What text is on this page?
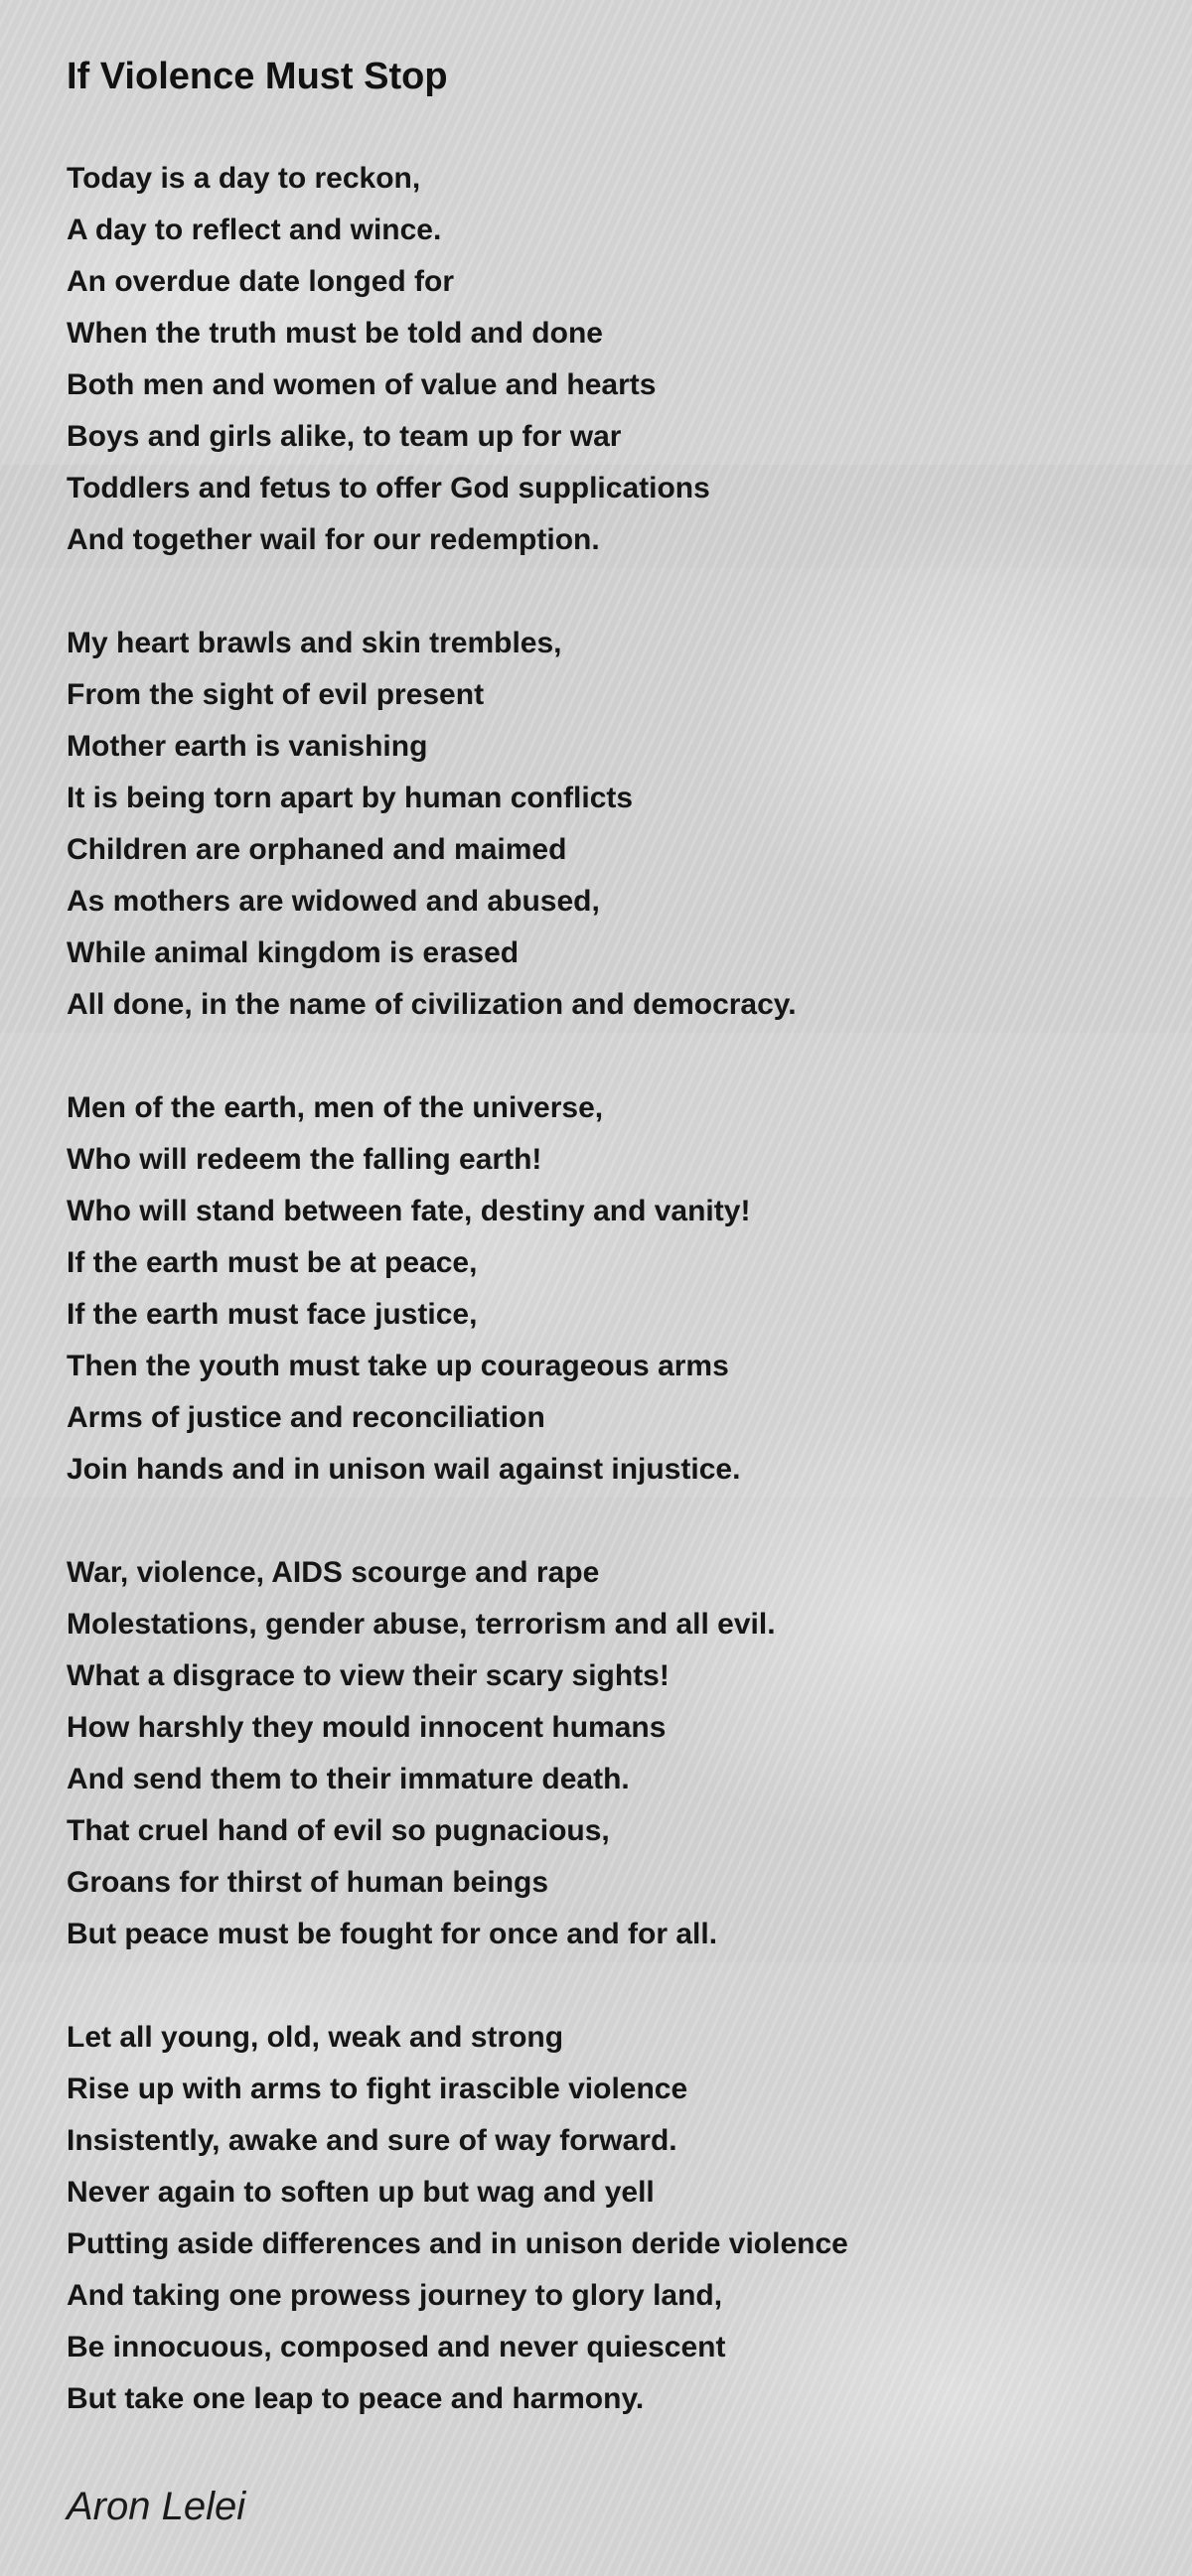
If Violence Must Stop
Today is a day to reckon,
A day to reflect and wince.
An overdue date longed for
When the truth must be told and done
Both men and women of value and hearts
Boys and girls alike, to team up for war
Toddlers and fetus to offer God supplications
And together wail for our redemption.
My heart brawls and skin trembles,
From the sight of evil present
Mother earth is vanishing
It is being torn apart by human conflicts
Children are orphaned and maimed
As mothers are widowed and abused,
While animal kingdom is erased
All done, in the name of civilization and democracy.
Men of the earth, men of the universe,
Who will redeem the falling earth!
Who will stand between fate, destiny and vanity!
If the earth must be at peace,
If the earth must face justice,
Then the youth must take up courageous arms
Arms of justice and reconciliation
Join hands and in unison wail against injustice.
War, violence, AIDS scourge and rape
Molestations, gender abuse, terrorism and all evil.
What a disgrace to view their scary sights!
How harshly they mould innocent humans
And send them to their immature death.
That cruel hand of evil so pugnacious,
Groans for thirst of human beings
But peace must be fought for once and for all.
Let all young, old, weak and strong
Rise up with arms to fight irascible violence
Insistently, awake and sure of way forward.
Never again to soften up but wag and yell
Putting aside differences and in unison deride violence
And taking one prowess journey to glory land,
Be innocuous, composed and never quiescent
But take one leap to peace and harmony.
Aron Lelei
